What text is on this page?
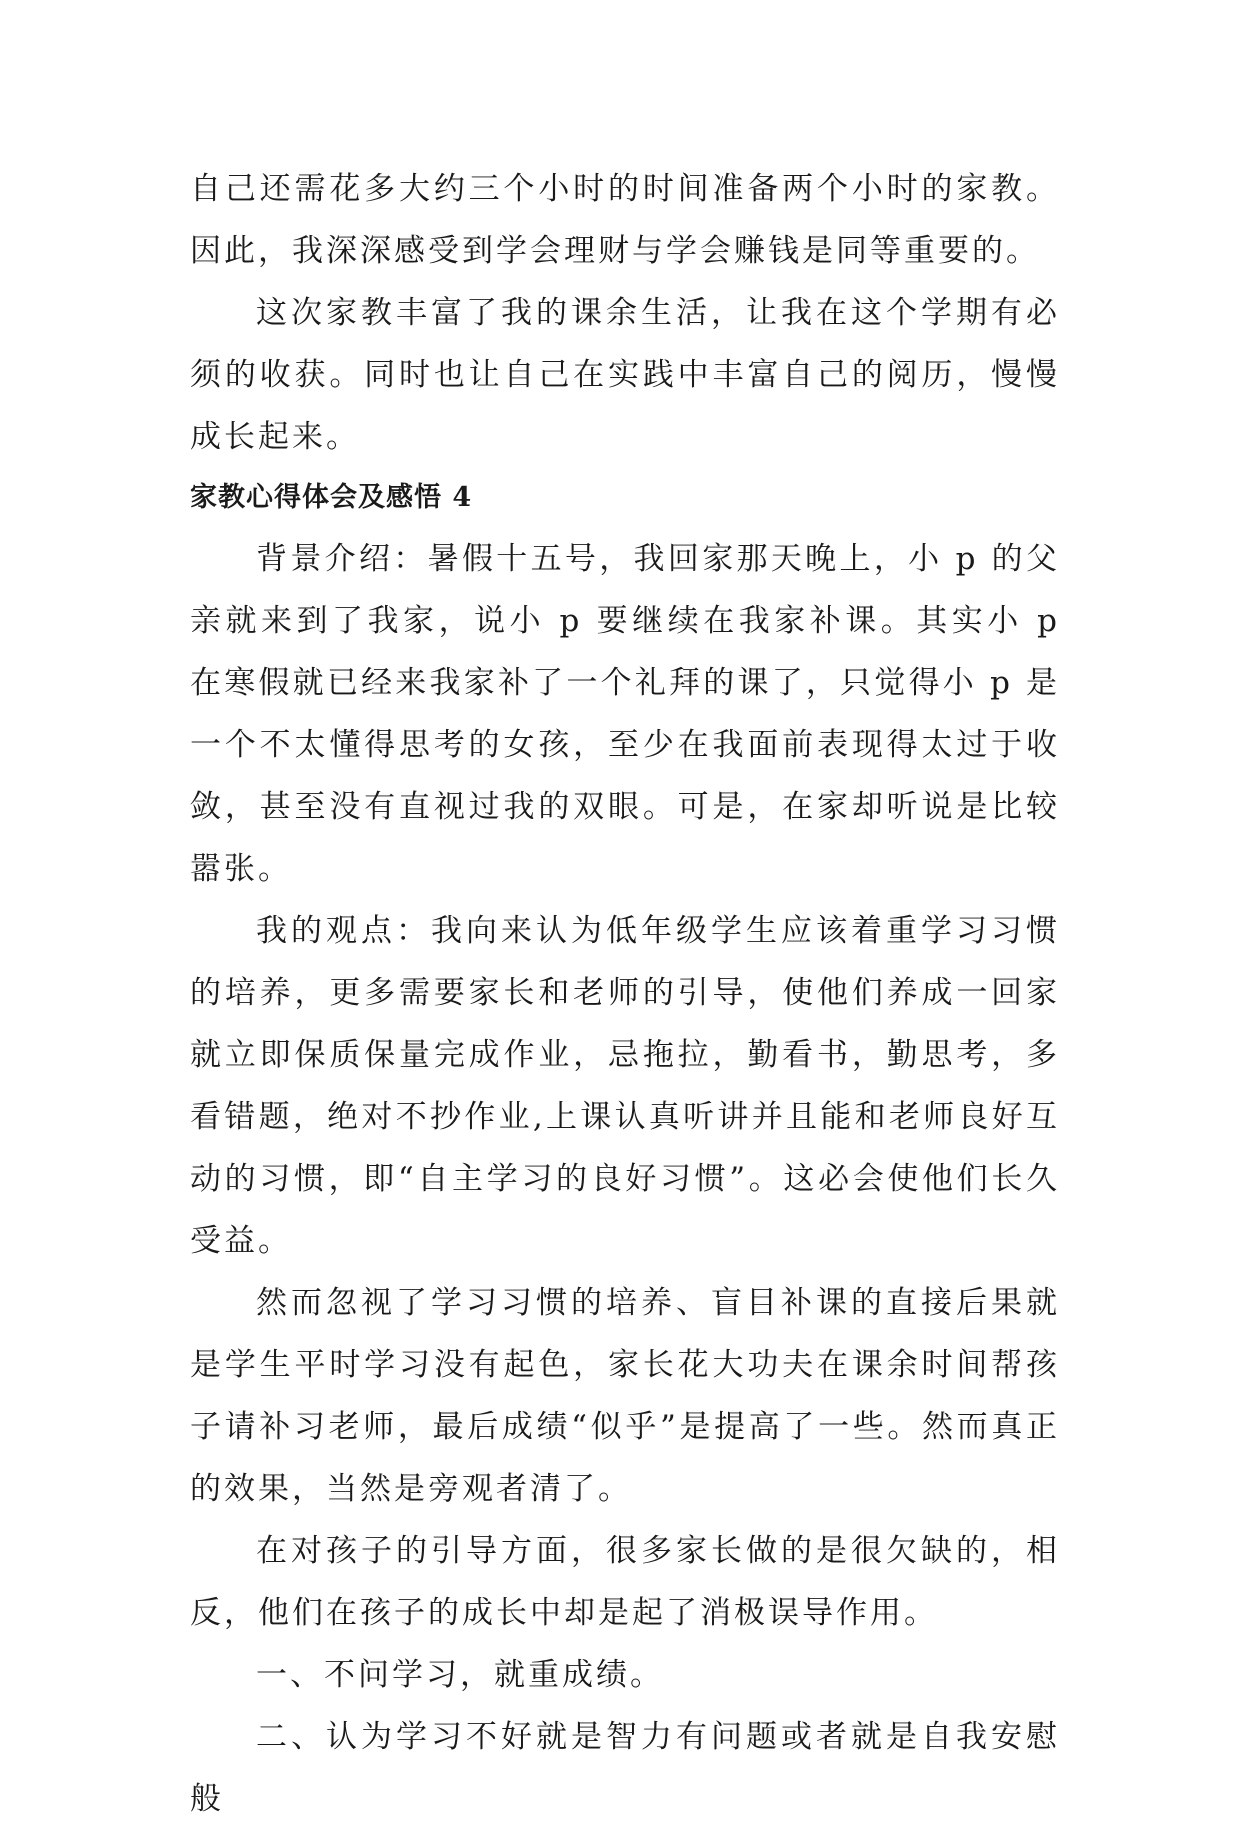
自己还需花多大约三个小时的时间准备两个小时的家教。因此，我深深感受到学会理财与学会赚钱是同等重要的。

这次家教丰富了我的课余生活，让我在这个学期有必须的收获。同时也让自己在实践中丰富自己的阅历，慢慢成长起来。

家教心得体会及感悟 4

背景介绍：暑假十五号，我回家那天晚上，小 p 的父亲就来到了我家，说小 p 要继续在我家补课。其实小 p 在寒假就已经来我家补了一个礼拜的课了，只觉得小 p 是一个不太懂得思考的女孩，至少在我面前表现得太过于收敛，甚至没有直视过我的双眼。可是，在家却听说是比较嚣张。

我的观点：我向来认为低年级学生应该着重学习习惯的培养，更多需要家长和老师的引导，使他们养成一回家就立即保质保量完成作业，忌拖拉，勤看书，勤思考，多看错题，绝对不抄作业,上课认真听讲并且能和老师良好互动的习惯，即“自主学习的良好习惯”。这必会使他们长久受益。

然而忽视了学习习惯的培养、盲目补课的直接后果就是学生平时学习没有起色，家长花大功夫在课余时间帮孩子请补习老师，最后成绩“似乎”是提高了一些。然而真正的效果，当然是旁观者清了。

在对孩子的引导方面，很多家长做的是很欠缺的，相反，他们在孩子的成长中却是起了消极误导作用。

一、不问学习，就重成绩。

二、认为学习不好就是智力有问题或者就是自我安慰般
